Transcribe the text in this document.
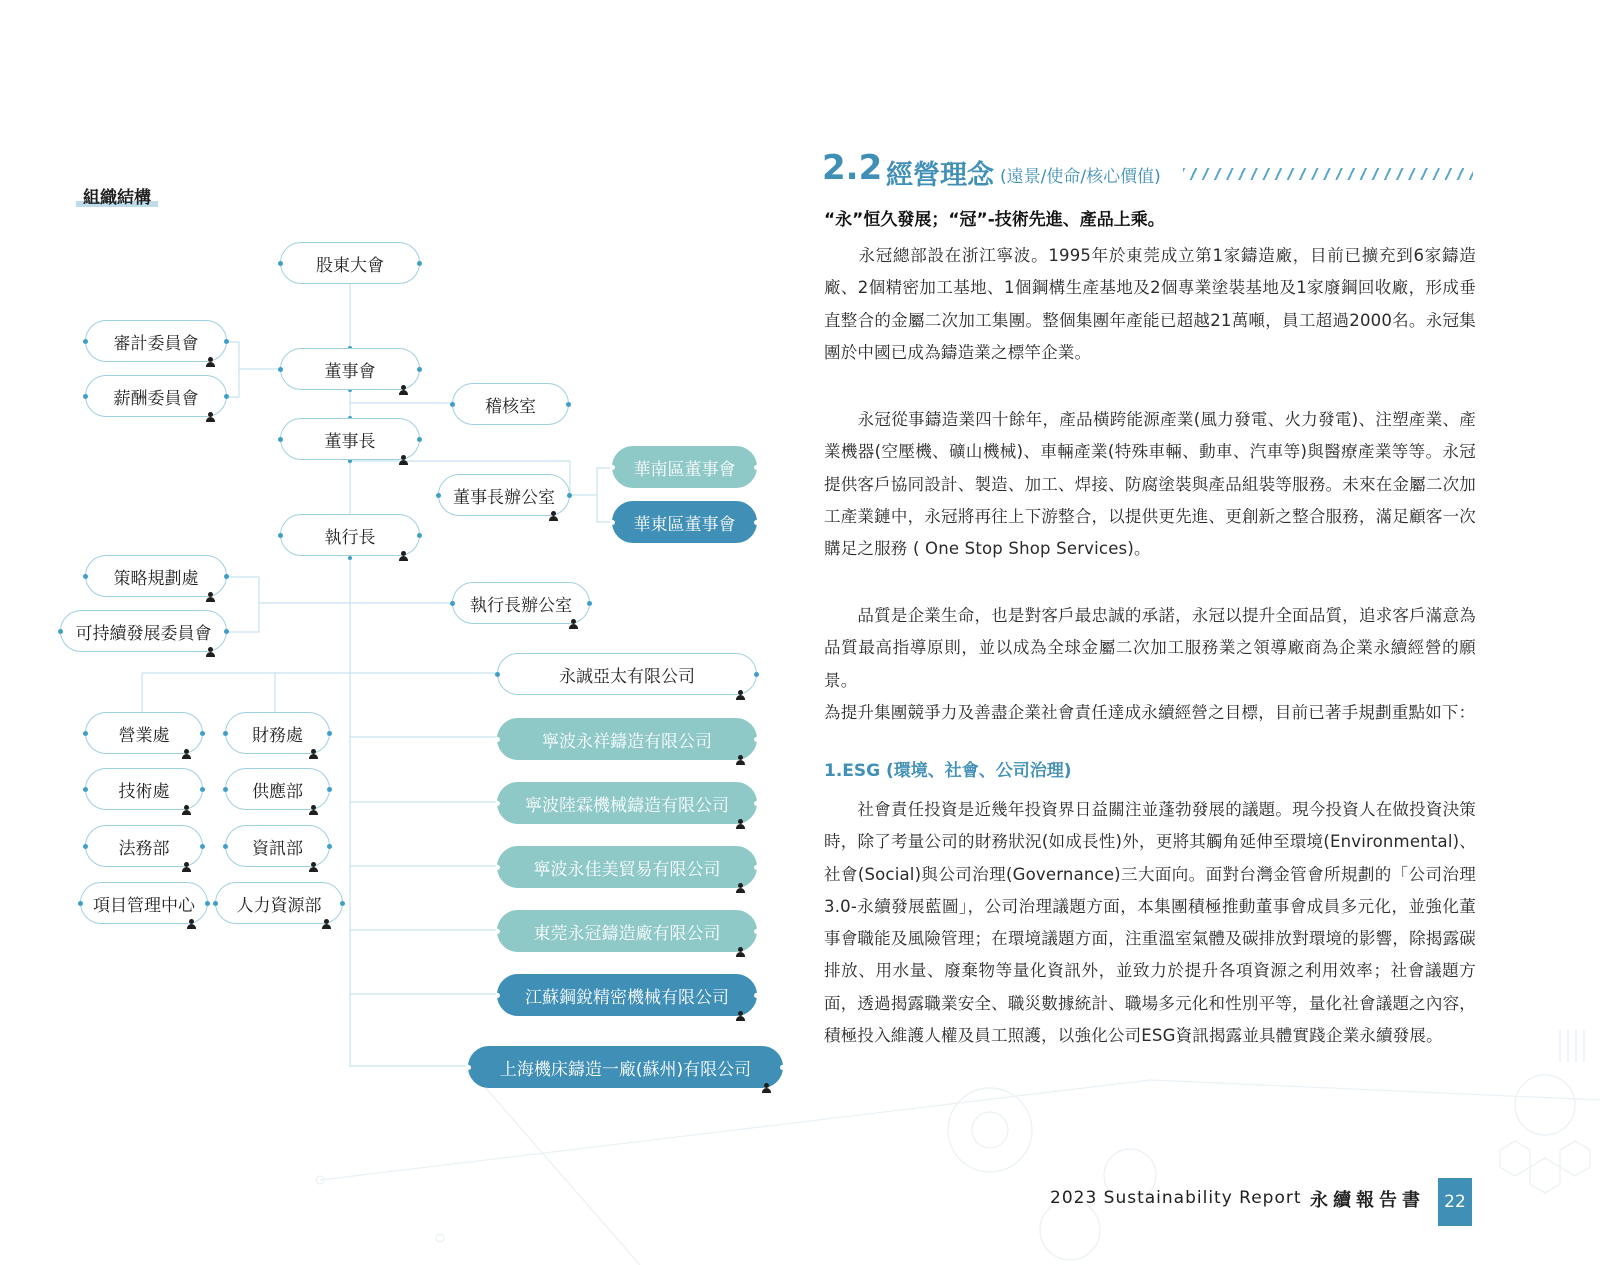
組織結構
股東大會
審計委員會
薪酬委員會
董事會
稽核室
董事長
董事長辦公室
華南區董事會
華東區董事會
執行長
策略規劃處
可持續發展委員會
執行長辦公室
營業處	財務處
技術處	供應部
法務部	資訊部
項目管理中心 人力資源部
永誠亞太有限公司
寧波永祥鑄造有限公司
寧波陸霖機械鑄造有限公司
寧波永佳美貿易有限公司
東莞永冠鑄造廠有限公司
江蘇鋼銳精密機械有限公司
上海機床鑄造一廠(蘇州)有限公司
2.2 經營理念 (遠景/使命/核心價值)
“永”恒久發展；“冠”-技術先進、產品上乘。
　　永冠總部設在浙江寧波。1995年於東莞成立第1家鑄造廠，目前已擴充到6家鑄造廠、2個精密加工基地、1個鋼構生產基地及2個專業塗裝基地及1家廢鋼回收廠，形成垂直整合的金屬二次加工集團。整個集團年產能已超越21萬噸，員工超過2000名。永冠集團於中國已成為鑄造業之標竿企業。
　　永冠從事鑄造業四十餘年，產品橫跨能源產業(風力發電、火力發電)、注塑產業、產業機器(空壓機、礦山機械)、車輛產業(特殊車輛、動車、汽車等)與醫療產業等等。永冠提供客戶協同設計、製造、加工、焊接、防腐塗裝與產品組裝等服務。未來在金屬二次加工產業鏈中，永冠將再往上下游整合，以提供更先進、更創新之整合服務，滿足顧客一次購足之服務 ( One Stop Shop Services)。
　　品質是企業生命，也是對客戶最忠誠的承諾，永冠以提升全面品質，追求客戶滿意為品質最高指導原則，並以成為全球金屬二次加工服務業之領導廠商為企業永續經營的願景。
為提升集團競爭力及善盡企業社會責任達成永續經營之目標，目前已著手規劃重點如下：
1.ESG (環境、社會、公司治理)
　　社會責任投資是近幾年投資界日益關注並蓬勃發展的議題。現今投資人在做投資決策時，除了考量公司的財務狀況(如成長性)外，更將其觸角延伸至環境(Environmental)、社會(Social)與公司治理(Governance)三大面向。面對台灣金管會所規劃的「公司治理3.0-永續發展藍圖」，公司治理議題方面，本集團積極推動董事會成員多元化，並強化董事會職能及風險管理；在環境議題方面，注重溫室氣體及碳排放對環境的影響，除揭露碳排放、用水量、廢棄物等量化資訊外，並致力於提升各項資源之利用效率；社會議題方面，透過揭露職業安全、職災數據統計、職場多元化和性別平等，量化社會議題之內容，積極投入維護人權及員工照護，以強化公司ESG資訊揭露並具體實踐企業永續發展。
2023 Sustainability Report 永續報告書	22
